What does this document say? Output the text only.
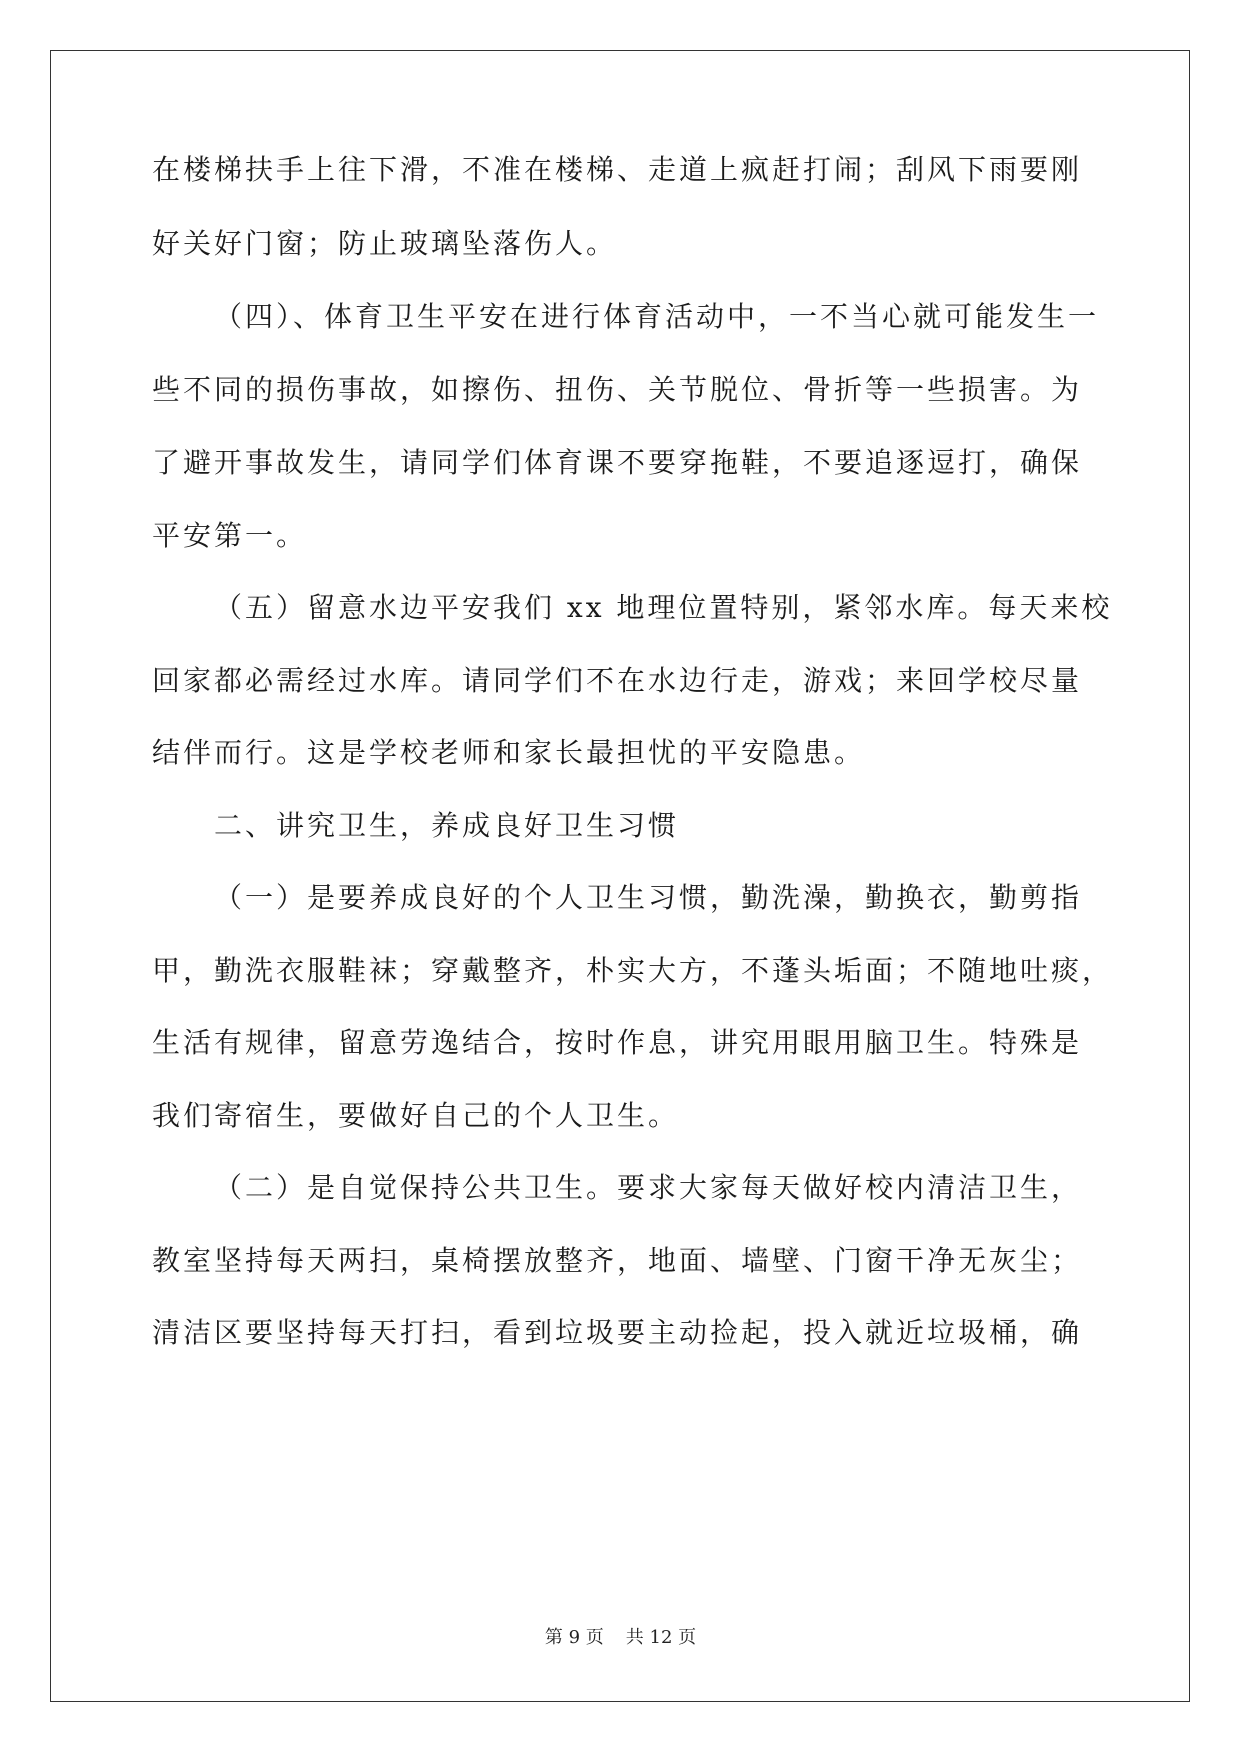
在楼梯扶手上往下滑，不准在楼梯、走道上疯赶打闹；刮风下雨要刚
好关好门窗；防止玻璃坠落伤人。
（四）、体育卫生平安在进行体育活动中，一不当心就可能发生一
些不同的损伤事故，如擦伤、扭伤、关节脱位、骨折等一些损害。为
了避开事故发生，请同学们体育课不要穿拖鞋，不要追逐逗打，确保
平安第一。
（五）留意水边平安我们 xx 地理位置特别，紧邻水库。每天来校
回家都必需经过水库。请同学们不在水边行走，游戏；来回学校尽量
结伴而行。这是学校老师和家长最担忧的平安隐患。
二、讲究卫生，养成良好卫生习惯
（一）是要养成良好的个人卫生习惯，勤洗澡，勤换衣，勤剪指
甲，勤洗衣服鞋袜；穿戴整齐，朴实大方，不蓬头垢面；不随地吐痰，
生活有规律，留意劳逸结合，按时作息，讲究用眼用脑卫生。特殊是
我们寄宿生，要做好自己的个人卫生。
（二）是自觉保持公共卫生。要求大家每天做好校内清洁卫生，
教室坚持每天两扫，桌椅摆放整齐，地面、墙壁、门窗干净无灰尘；
清洁区要坚持每天打扫，看到垃圾要主动捡起，投入就近垃圾桶，确
第 9 页 共 12 页
